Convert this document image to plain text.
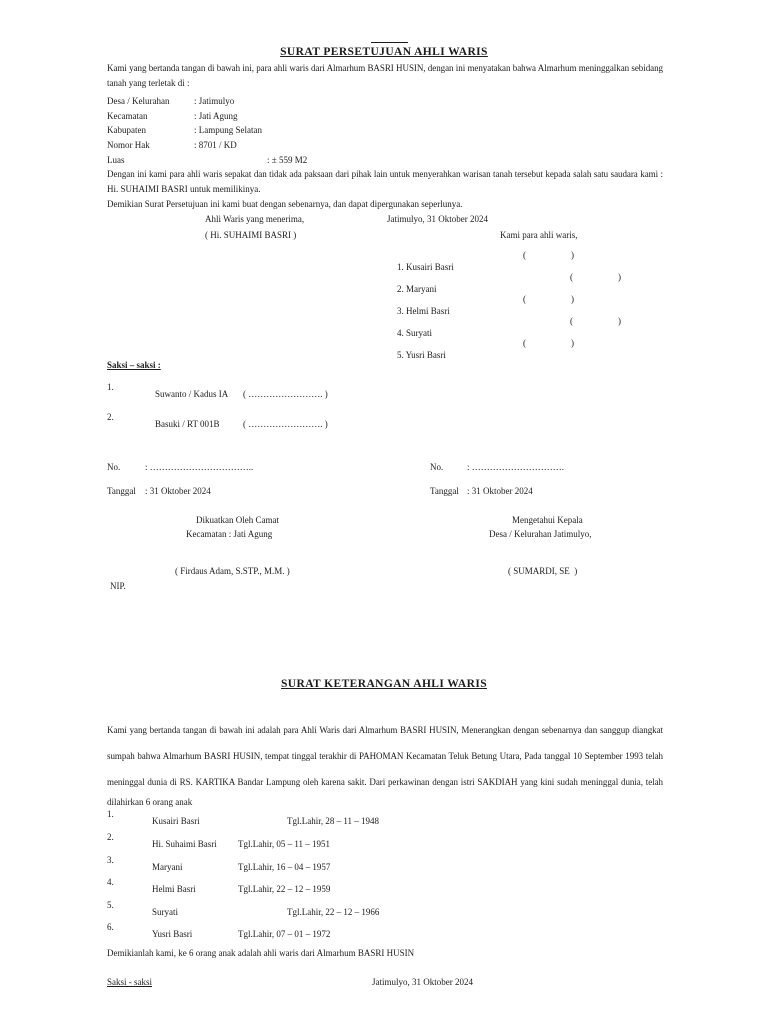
SURAT PERSETUJUAN AHLI WARIS
Kami yang bertanda tangan di bawah ini, para ahli waris dari Almarhum BASRI HUSIN, dengan ini menyatakan bahwa Almarhum meninggalkan sebidang
tanah yang terletak di :
Desa / Kelurahan	: Jatimulyo
Kecamatan	: Jati Agung
Kabupaten	: Lampung Selatan
Nomor Hak	: 8701 / KD
Luas	: ± 559 M2
Dengan ini kami para ahli waris sepakat dan tidak ada paksaan dari pihak lain untuk menyerahkan warisan tanah tersebut kepada salah satu saudara kami :
Hi. SUHAIMI BASRI untuk memilikinya.
Demikian Surat Persetujuan ini kami buat dengan sebenarnya, dan dapat dipergunakan seperlunya.
Ahli Waris yang menerima,	Jatimulyo, 31 Oktober 2024
( Hi. SUHAIMI BASRI )	Kami para ahli waris,

1. Kusairi Basri

(                    )

2. Maryani

(                    )

3. Helmi Basri

(                    )

4. Suryati

(                    )

5. Yusri Basri

(                    )

Saksi – saksi :
1.
Suwanto / Kadus IA ( ……………………. )
2.
Basuki / RT 001B	( ……………………. )
No.	: ……………………………..	No.	: ………………………….
Tanggal : 31 Oktober 2024	Tanggal : 31 Oktober 2024
Dikuatkan Oleh Camat
Kecamatan : Jati Agung
Mengetahui Kepala
Desa / Kelurahan Jatimulyo,
( Firdaus Adam, S.STP., M.M. )	( SUMARDI, SE  )
NIP.
SURAT KETERANGAN AHLI WARIS
Kami yang bertanda tangan di bawah ini adalah para Ahli Waris dari Almarhum BASRI HUSIN, Menerangkan dengan sebenarnya dan sanggup diangkat
sumpah bahwa Almarhum BASRI HUSIN, tempat tinggal terakhir di PAHOMAN Kecamatan Teluk Betung Utara, Pada tanggal 10 September 1993 telah
meninggal dunia di RS. KARTIKA Bandar Lampung oleh karena sakit. Dari perkawinan dengan istri SAKDIAH yang kini sudah meninggal dunia, telah
dilahirkan 6 orang anak
1.
Kusairi Basri	Tgl.Lahir, 28 – 11 – 1948
2.
Hi. Suhaimi Basri Tgl.Lahir, 05 – 11 – 1951
3.
Maryani	Tgl.Lahir, 16 – 04 – 1957
4.
Helmi Basri	Tgl.Lahir, 22 – 12 – 1959
5.
Suryati	Tgl.Lahir, 22 – 12 – 1966
6.
Yusri Basri	Tgl.Lahir, 07 – 01 – 1972
Demikianlah kami, ke 6 orang anak adalah ahli waris dari Almarhum BASRI HUSIN
Saksi - saksi	Jatimulyo, 31 Oktober 2024
